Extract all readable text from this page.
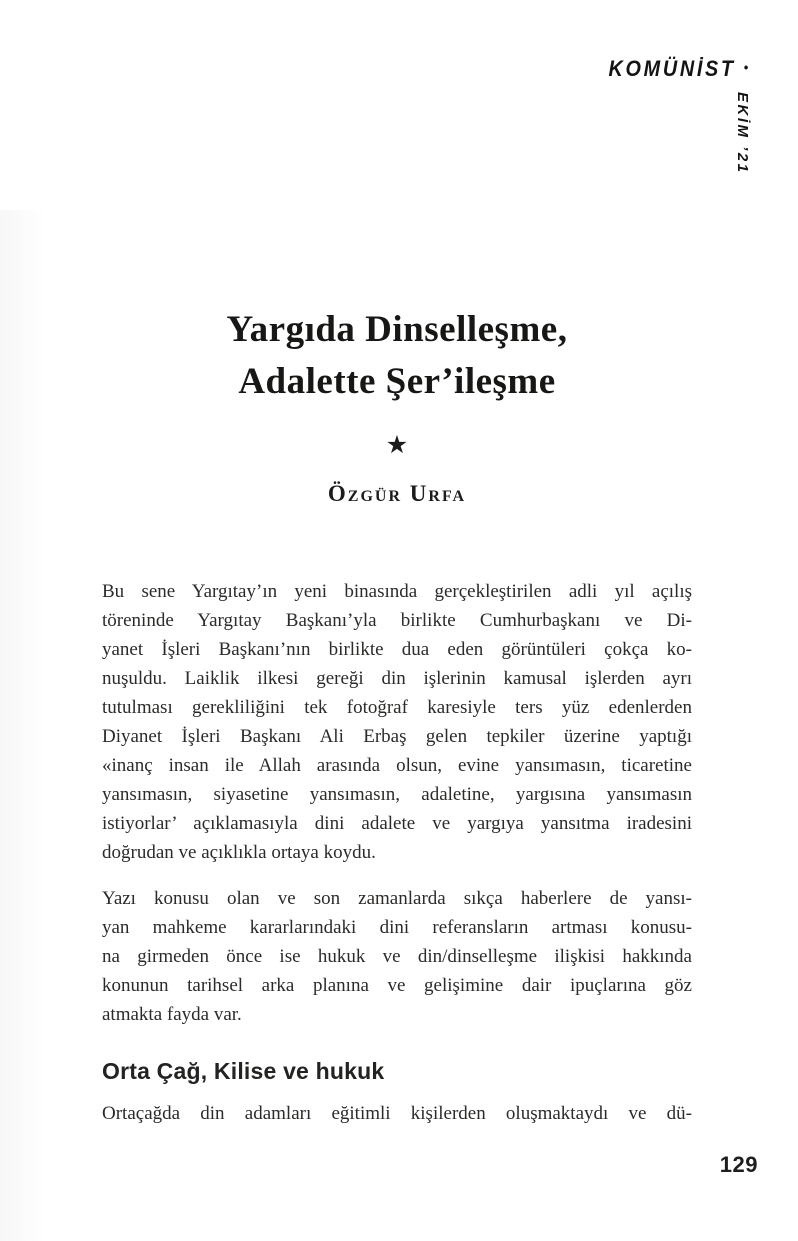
KOMÜNİST •
EKİM ’21
Yargıda Dinselleşme,
Adalette Şer’ileşme
★
Özgür Urfa
Bu sene Yargıtay’ın yeni binasında gerçekleştirilen adli yıl açılış
töreninde Yargıtay Başkanı’yla birlikte Cumhurbaşkanı ve Di-
yanet İşleri Başkanı’nın birlikte dua eden görüntüleri çokça ko-
nuşuldu. Laiklik ilkesi gereği din işlerinin kamusal işlerden ayrı
tutulması gerekliliğini tek fotoğraf karesiyle ters yüz edenlerden
Diyanet İşleri Başkanı Ali Erbaş gelen tepkiler üzerine yaptığı
«inanç insan ile Allah arasında olsun, evine yansımasın, ticaretine
yansımasın, siyasetine yansımasın, adaletine, yargısına yansımasın
istiyorlar’ açıklamasıyla dini adalete ve yargıya yansıtma iradesini
doğrudan ve açıklıkla ortaya koydu.
Yazı konusu olan ve son zamanlarda sıkça haberlere de yansı-
yan mahkeme kararlarındaki dini referansların artması konusu-
na girmeden önce ise hukuk ve din/dinselleşme ilişkisi hakkında
konunun tarihsel arka planına ve gelişimine dair ipuçlarına göz
atmakta fayda var.
Orta Çağ, Kilise ve hukuk
Ortaçağda din adamları eğitimli kişilerden oluşmaktaydı ve dü-
129
